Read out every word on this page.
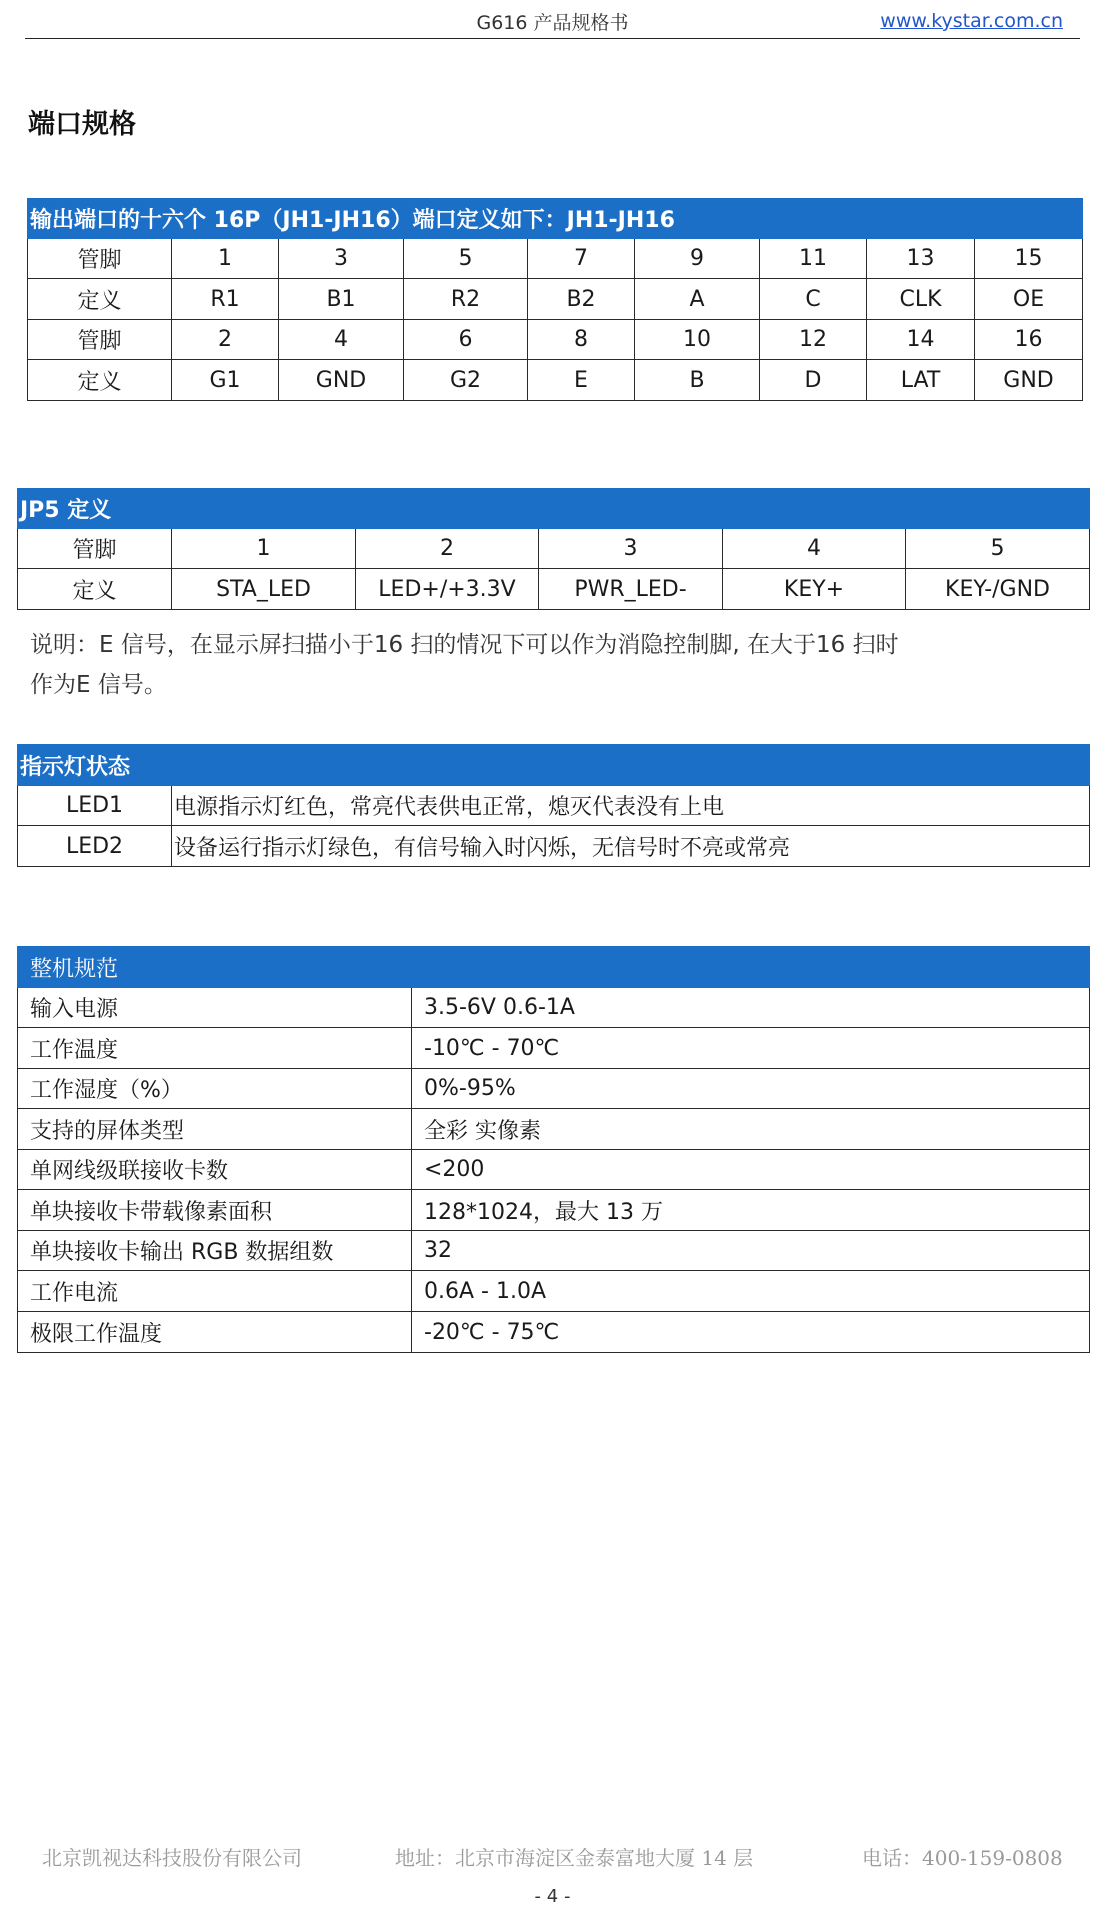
G616 产品规格书	www.kystar.com.cn
端口规格
输出端口的十六个 16P（JH1-JH16）端口定义如下：JH1-JH16								
管脚	1	3	5	7	9	11	13	15
定义	R1	B1	R2	B2	A	C	CLK	OE
管脚	2	4	6	8	10	12	14	16
定义	G1	GND	G2	E	B	D	LAT	GND
JP5 定义					
管脚	1	2	3	4	5
定义	STA_LED	LED+/+3.3V	PWR_LED-	KEY+	KEY-/GND
说明：E 信号，在显示屏扫描小于16 扫的情况下可以作为消隐控制脚, 在大于16 扫时
作为E 信号。
指示灯状态	
LED1	电源指示灯红色，常亮代表供电正常，熄灭代表没有上电
LED2	设备运行指示灯绿色，有信号输入时闪烁，无信号时不亮或常亮
整机规范	
输入电源	3.5-6V 0.6-1A
工作温度	-10℃ - 70℃
工作湿度（%）	0%-95%
支持的屏体类型	全彩 实像素
单网线级联接收卡数	<200
单块接收卡带载像素面积	128*1024，最大 13 万
单块接收卡输出 RGB 数据组数	32
工作电流	0.6A - 1.0A
极限工作温度	-20℃ - 75℃
北京凯视达科技股份有限公司	地址：北京市海淀区金泰富地大厦 14 层	电话：400-159-0808
- 4 -
